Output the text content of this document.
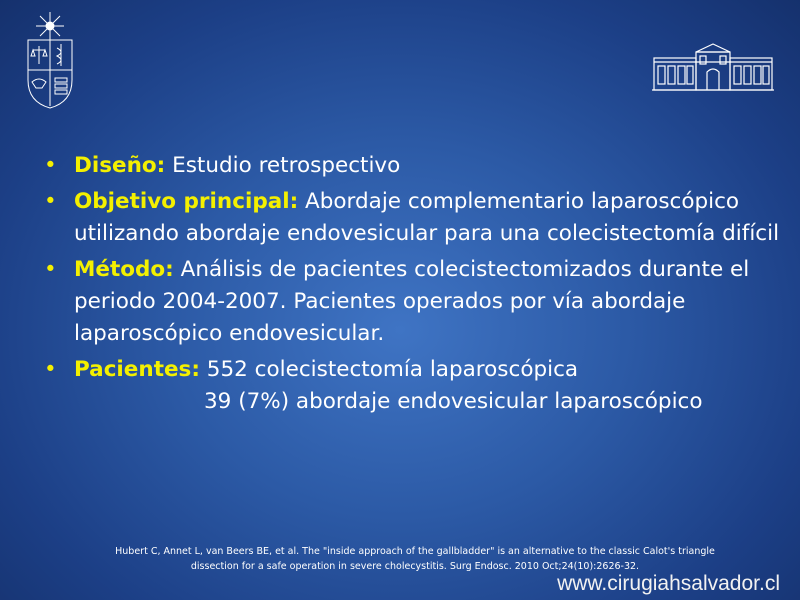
• Diseño: Estudio retrospectivo
• Objetivo principal: Abordaje complementario laparoscópico utilizando abordaje endovesicular para una colecistectomía difícil
• Método: Análisis de pacientes colecistectomizados durante el periodo 2004-2007. Pacientes operados por vía abordaje laparoscópico endovesicular.
• Pacientes: 552 colecistectomía laparoscópica
39 (7%) abordaje endovesicular laparoscópico
Hubert C, Annet L, van Beers BE, et al. The "inside approach of the gallbladder" is an alternative to the classic Calot's triangle
dissection for a safe operation in severe cholecystitis. Surg Endosc. 2010 Oct;24(10):2626-32.
www.cirugiahsalvador.cl
